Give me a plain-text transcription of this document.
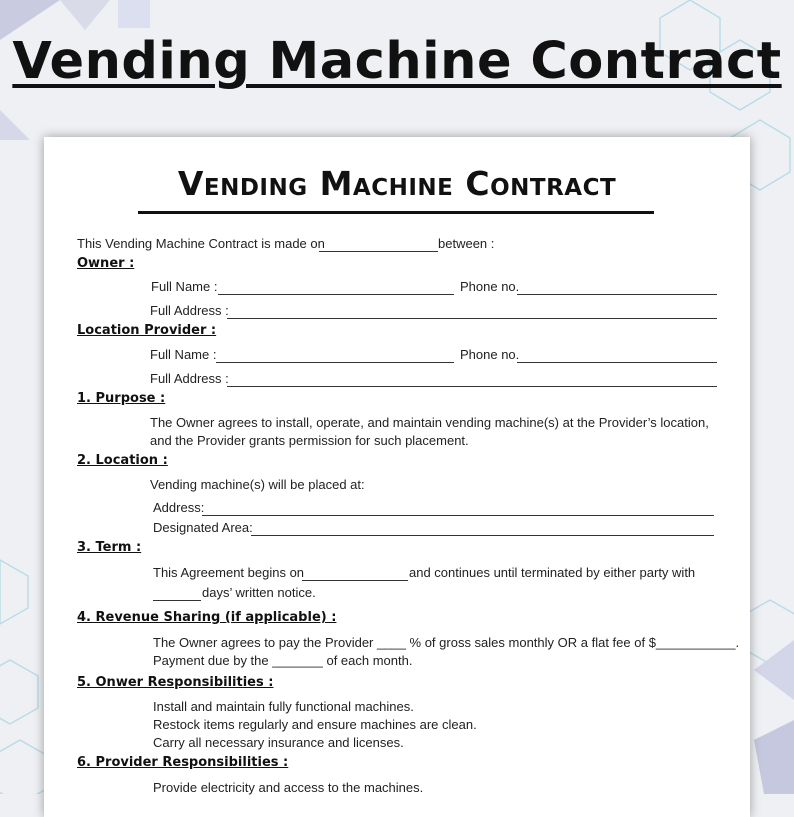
Vending Machine Contract
Vending Machine Contract
This Vending Machine Contract is made on	between :
Owner :
Full Name :	Phone no.
Full Address :
Location Provider :
Full Name :	Phone no.
Full Address :
1. Purpose :
The Owner agrees to install, operate, and maintain vending machine(s) at the Provider’s location,
and the Provider grants permission for such placement.
2. Location :
Vending machine(s) will be placed at:
Address:
Designated Area:
3. Term :
This Agreement begins on	and continues until terminated by either party with
days’ written notice.
4. Revenue Sharing (if applicable) :
The Owner agrees to pay the Provider ____ % of gross sales monthly OR a flat fee of $___________.
Payment due by the _______ of each month.
5. Onwer Responsibilities :
Install and maintain fully functional machines.
Restock items regularly and ensure machines are clean.
Carry all necessary insurance and licenses.
6. Provider Responsibilities :
Provide electricity and access to the machines.
